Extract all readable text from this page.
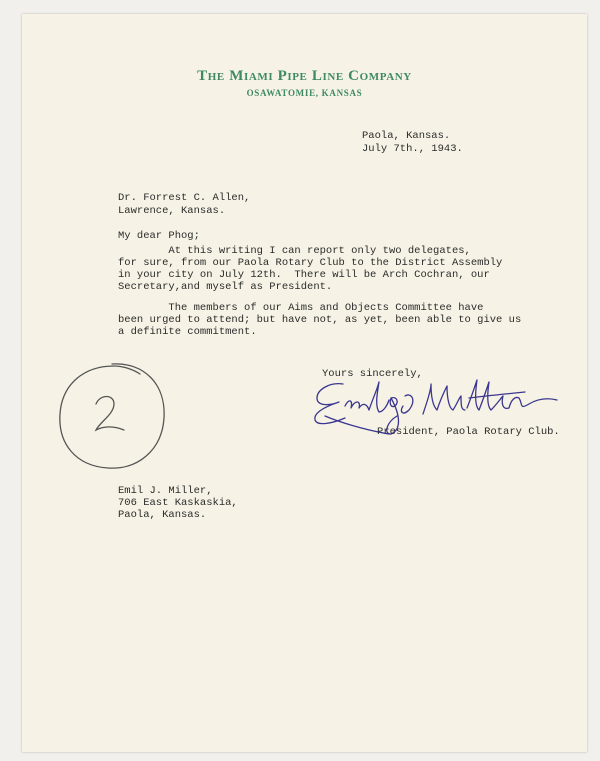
The Miami Pipe Line Company
OSAWATOMIE, KANSAS

Paola, Kansas.

July 7th., 1943.

Dr. Forrest C. Allen,

Lawrence, Kansas.

My dear Phog;

At this writing I can report only two delegates,

for sure, from our Paola Rotary Club to the District Assembly

in your city on July 12th.  There will be Arch Cochran, our

Secretary,and myself as President.

The members of our Aims and Objects Committee have

been urged to attend; but have not, as yet, been able to give us

a definite commitment.

Yours sincerely,

President, Paola Rotary Club.

Emil J. Miller,

706 East Kaskaskia,

Paola, Kansas.
